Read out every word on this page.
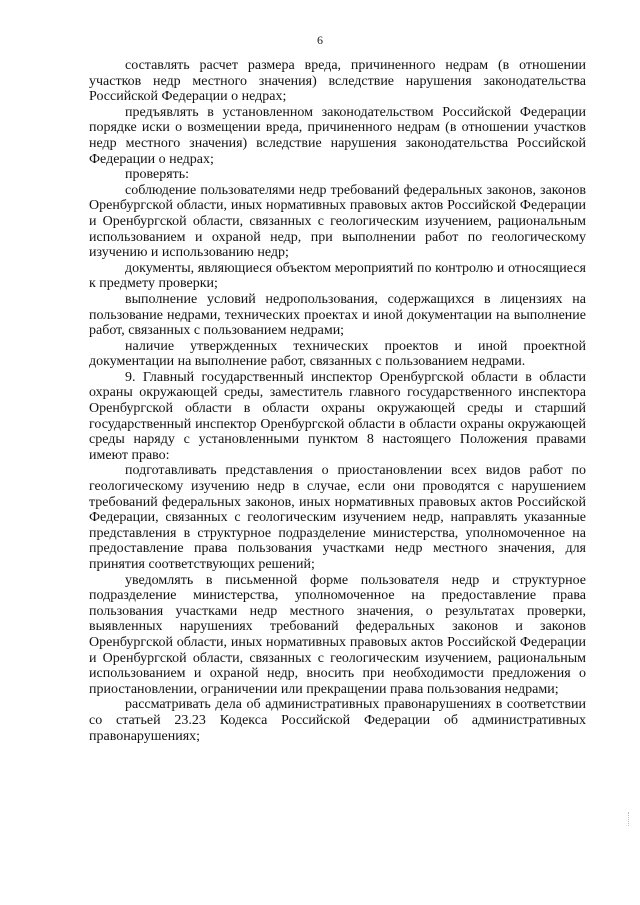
6

составлять расчет размера вреда, причиненного недрам (в отношении участков недр местного значения) вследствие нарушения законодательства Российской Федерации о недрах;

предъявлять в установленном законодательством Российской Федерации порядке иски о возмещении вреда, причиненного недрам (в отношении участков недр местного значения) вследствие нарушения законодательства Российской Федерации о недрах;

проверять:

соблюдение пользователями недр требований федеральных законов, законов Оренбургской области, иных нормативных правовых актов Российской Федерации и Оренбургской области, связанных с геологическим изучением, рациональным использованием и охраной недр, при выполнении работ по геологическому изучению и использованию недр;

документы, являющиеся объектом мероприятий по контролю и относящиеся к предмету проверки;

выполнение условий недропользования, содержащихся в лицензиях на пользование недрами, технических проектах и иной документации на выполнение работ, связанных с пользованием недрами;

наличие утвержденных технических проектов и иной проектной документации на выполнение работ, связанных с пользованием недрами.

9. Главный государственный инспектор Оренбургской области в области охраны окружающей среды, заместитель главного государственного инспектора Оренбургской области в области охраны окружающей среды и старший государственный инспектор Оренбургской области в области охраны окружающей среды наряду с установленными пунктом 8 настоящего Положения правами имеют право:

подготавливать представления о приостановлении всех видов работ по геологическому изучению недр в случае, если они проводятся с нарушением требований федеральных законов, иных нормативных правовых актов Российской Федерации, связанных с геологическим изучением недр, направлять указанные представления в структурное подразделение министерства, уполномоченное на предоставление права пользования участками недр местного значения, для принятия соответствующих решений;

уведомлять в письменной форме пользователя недр и структурное подразделение министерства, уполномоченное на предоставление права пользования участками недр местного значения, о результатах проверки, выявленных нарушениях требований федеральных законов и законов Оренбургской области, иных нормативных правовых актов Российской Федерации и Оренбургской области, связанных с геологическим изучением, рациональным использованием и охраной недр, вносить при необходимости предложения о приостановлении, ограничении или прекращении права пользования недрами;

рассматривать дела об административных правонарушениях в соответствии со статьей 23.23 Кодекса Российской Федерации об административных правонарушениях;
